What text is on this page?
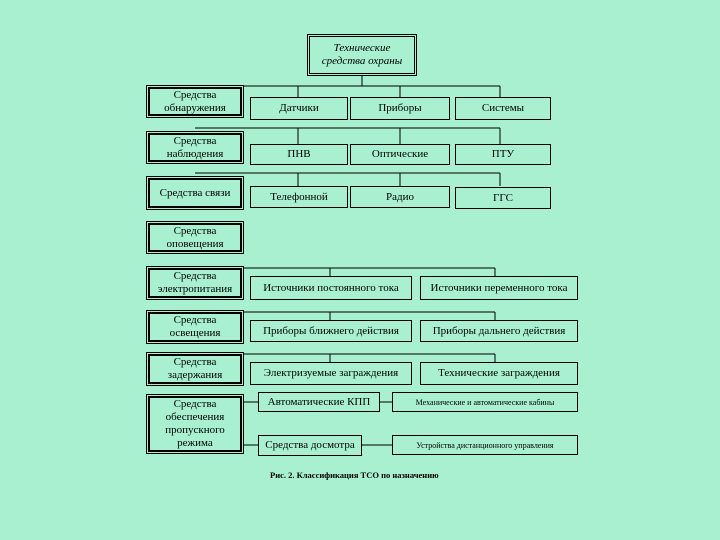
Технические средства охраны
Средства обнаружения
Средства наблюдения
Средства связи
Средства оповещения
Средства электропитания
Средства освещения
Средства задержания
Средства обеспечения пропускного режима
Датчики	Приборы	Системы
ПНВ	Оптические	ПТУ
Телефонной	Радио	ГГС
Источники постоянного тока	Источники переменного тока
Приборы ближнего действия	Приборы дальнего действия
Электризуемые заграждения	Технические заграждения
Автоматические КПП	Механические и автоматические кабины
Средства досмотра	Устройства дистанционного управления
Рис. 2. Классификация ТСО по назначению
